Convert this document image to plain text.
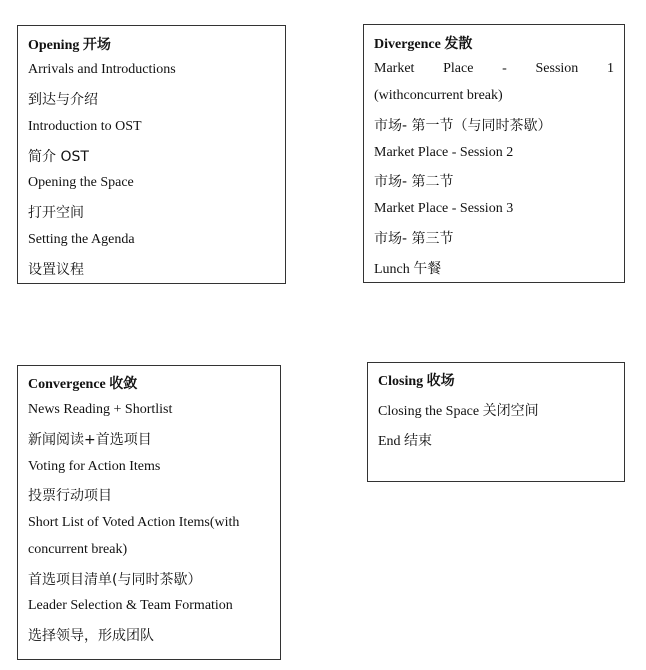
Opening 开场
Arrivals and Introductions
到达与介绍
Introduction to OST
简介 OST
Opening the Space
打开空间
Setting the Agenda
设置议程
Divergence 发散
Market Place - Session 1
(withconcurrent break)
市场- 第一节（与同时茶歇）
Market Place - Session 2
市场- 第二节
Market Place - Session 3
市场- 第三节
Lunch 午餐
Convergence 收敛
News Reading + Shortlist
新闻阅读+首选项目
Voting for Action Items
投票行动项目
Short List of Voted Action Items(with
concurrent break)
首选项目清单(与同时茶歇）
Leader Selection & Team Formation
选择领导，形成团队
Closing 收场
Closing the Space 关闭空间
End 结束
